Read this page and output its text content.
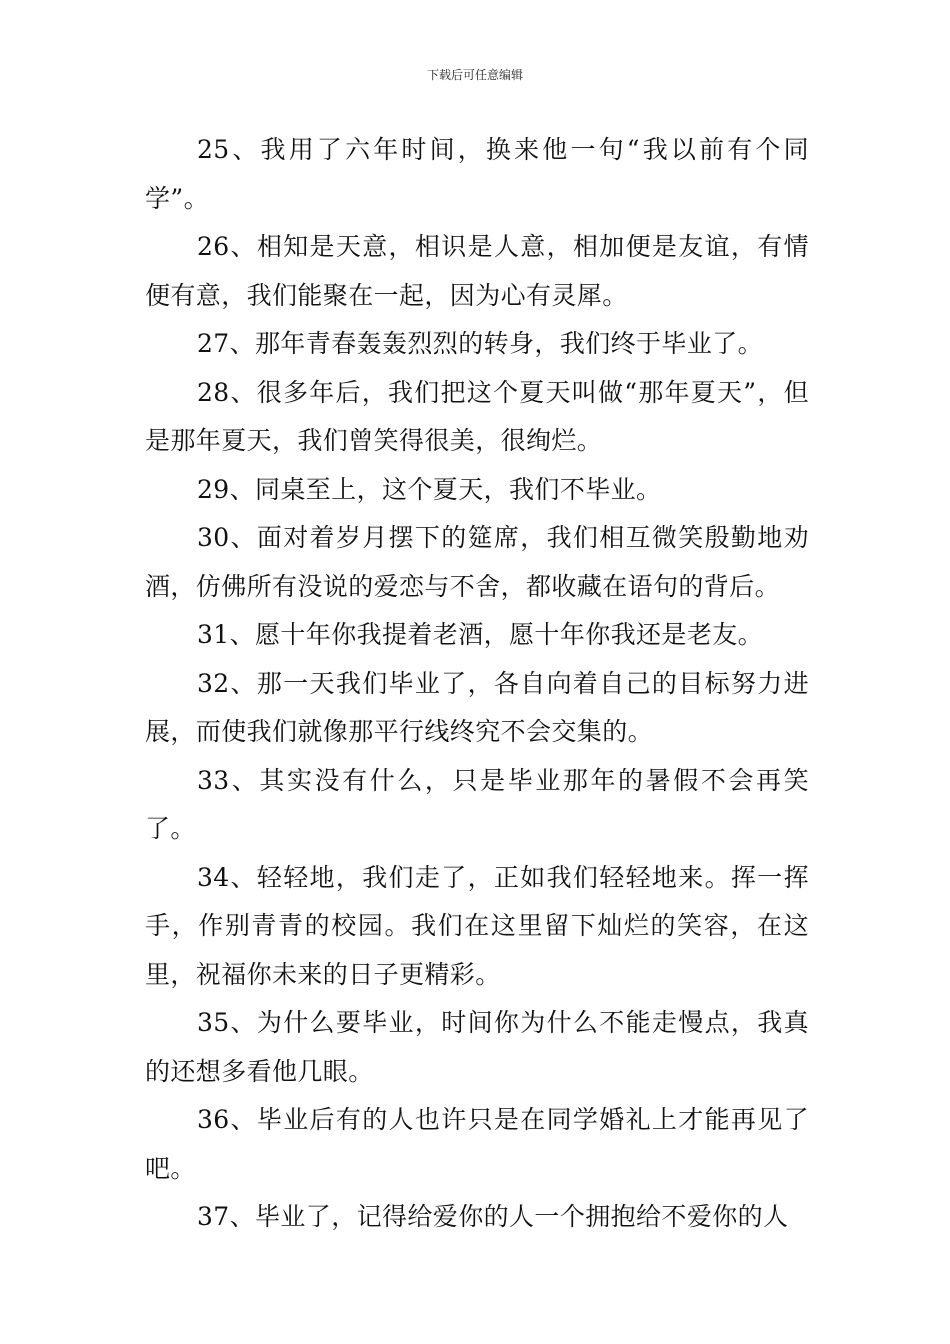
下载后可任意编辑

25、我用了六年时间，换来他一句“我以前有个同学”。

26、相知是天意，相识是人意，相加便是友谊，有情便有意，我们能聚在一起，因为心有灵犀。

27、那年青春轰轰烈烈的转身，我们终于毕业了。

28、很多年后，我们把这个夏天叫做“那年夏天”，但是那年夏天，我们曾笑得很美，很绚烂。

29、同桌至上，这个夏天，我们不毕业。

30、面对着岁月摆下的筵席，我们相互微笑殷勤地劝酒，仿佛所有没说的爱恋与不舍，都收藏在语句的背后。

31、愿十年你我提着老酒，愿十年你我还是老友。

32、那一天我们毕业了，各自向着自己的目标努力进展，而使我们就像那平行线终究不会交集的。

33、其实没有什么，只是毕业那年的暑假不会再笑了。

34、轻轻地，我们走了，正如我们轻轻地来。挥一挥手，作别青青的校园。我们在这里留下灿烂的笑容，在这里，祝福你未来的日子更精彩。

35、为什么要毕业，时间你为什么不能走慢点，我真的还想多看他几眼。

36、毕业后有的人也许只是在同学婚礼上才能再见了吧。

37、毕业了，记得给爱你的人一个拥抱给不爱你的人
